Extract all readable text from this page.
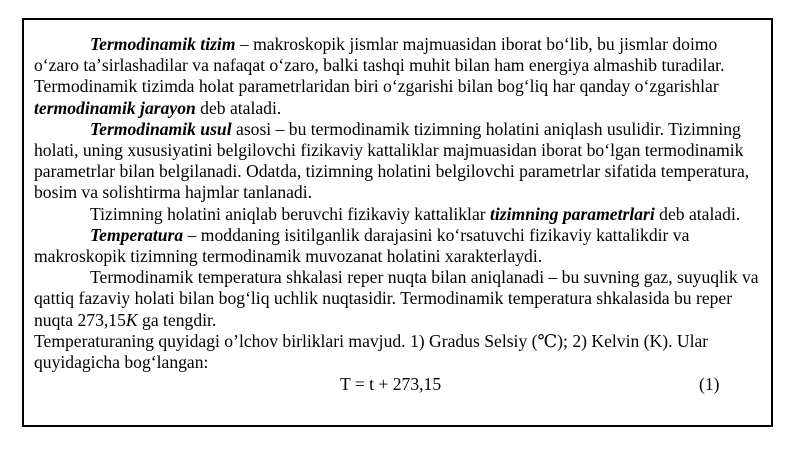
Termodinamik tizim – makroskopik jismlar majmuasidan iborat boʻlib, bu jismlar doimo oʻzaro taʼsirlashadilar va nafaqat oʻzaro, balki tashqi muhit bilan ham energiya almashib turadilar. Termodinamik tizimda holat parametrlaridan biri oʻzgarishi bilan bogʻliq har qanday oʻzgarishlar termodinamik jarayon deb ataladi.

Termodinamik usul asosi – bu termodinamik tizimning holatini aniqlash usulidir. Tizimning holati, uning xususiyatini belgilovchi fizikaviy kattaliklar majmuasidan iborat boʻlgan termodinamik parametrlar bilan belgilanadi. Odatda, tizimning holatini belgilovchi parametrlar sifatida temperatura, bosim va solishtirma hajmlar tanlanadi.

Tizimning holatini aniqlab beruvchi fizikaviy kattaliklar tizimning parametrlari deb ataladi.

Temperatura – moddaning isitilganlik darajasini koʻrsatuvchi fizikaviy kattalikdir va makroskopik tizimning termodinamik muvozanat holatini xarakterlaydi.

Termodinamik temperatura shkalasi reper nuqta bilan aniqlanadi – bu suvning gaz, suyuqlik va qattiq fazaviy holati bilan bogʻliq uchlik nuqtasidir. Termodinamik temperatura shkalasida bu reper nuqta 273,15K ga tengdir.

Temperaturaning quyidagi o’lchov birliklari mavjud. 1) Gradus Selsiy (℃); 2) Kelvin (K). Ular quyidagicha bogʻlangan:

T = t + 273,15	(1)
